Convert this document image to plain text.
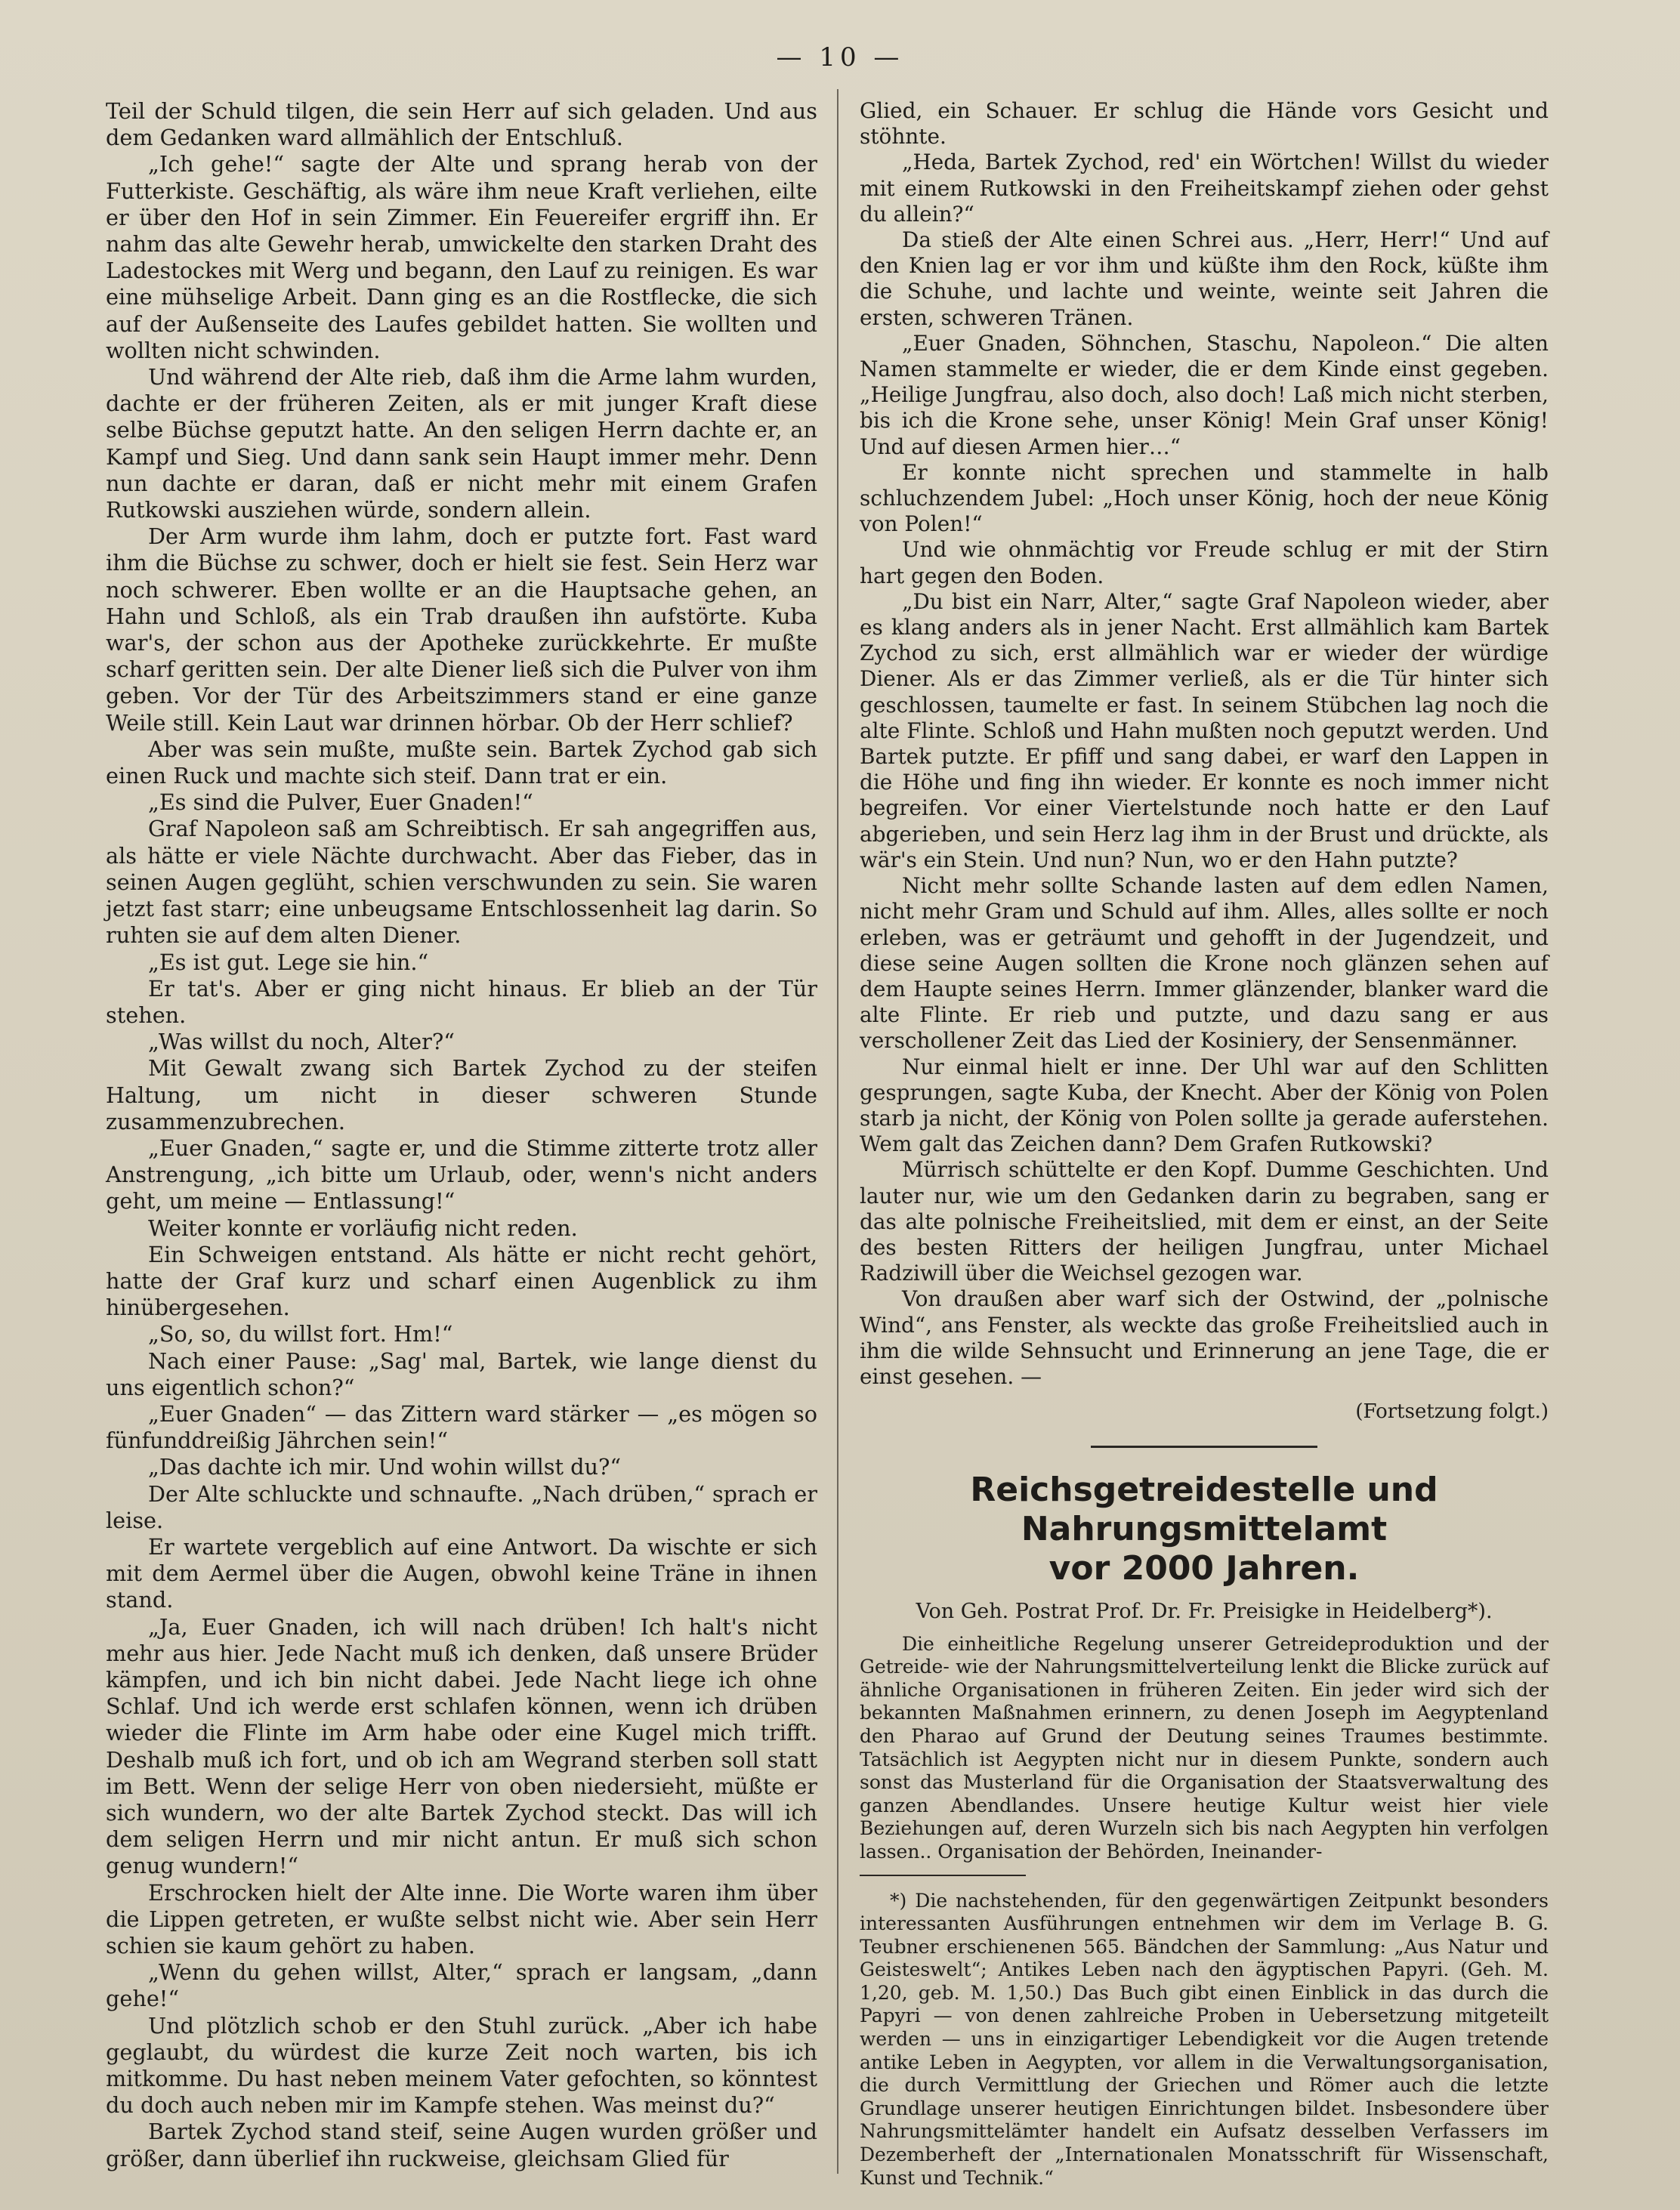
— 10 —

Teil der Schuld tilgen, die sein Herr auf sich geladen. Und aus dem Gedanken ward allmählich der Entschluß.

„Ich gehe!“ sagte der Alte und sprang herab von der Futterkiste. Geschäftig, als wäre ihm neue Kraft verliehen, eilte er über den Hof in sein Zimmer. Ein Feuereifer ergriff ihn. Er nahm das alte Gewehr herab, umwickelte den starken Draht des Ladestockes mit Werg und begann, den Lauf zu reinigen. Es war eine mühselige Arbeit. Dann ging es an die Rostflecke, die sich auf der Außenseite des Laufes gebildet hatten. Sie wollten und wollten nicht schwinden.

Und während der Alte rieb, daß ihm die Arme lahm wurden, dachte er der früheren Zeiten, als er mit junger Kraft diese selbe Büchse geputzt hatte. An den seligen Herrn dachte er, an Kampf und Sieg. Und dann sank sein Haupt immer mehr. Denn nun dachte er daran, daß er nicht mehr mit einem Grafen Rutkowski ausziehen würde, sondern allein.

Der Arm wurde ihm lahm, doch er putzte fort. Fast ward ihm die Büchse zu schwer, doch er hielt sie fest. Sein Herz war noch schwerer. Eben wollte er an die Hauptsache gehen, an Hahn und Schloß, als ein Trab draußen ihn aufstörte. Kuba war's, der schon aus der Apotheke zurückkehrte. Er mußte scharf geritten sein. Der alte Diener ließ sich die Pulver von ihm geben. Vor der Tür des Arbeitszimmers stand er eine ganze Weile still. Kein Laut war drinnen hörbar. Ob der Herr schlief?

Aber was sein mußte, mußte sein. Bartek Zychod gab sich einen Ruck und machte sich steif. Dann trat er ein.

„Es sind die Pulver, Euer Gnaden!“

Graf Napoleon saß am Schreibtisch. Er sah angegriffen aus, als hätte er viele Nächte durchwacht. Aber das Fieber, das in seinen Augen geglüht, schien verschwunden zu sein. Sie waren jetzt fast starr; eine unbeugsame Entschlossenheit lag darin. So ruhten sie auf dem alten Diener.

„Es ist gut. Lege sie hin.“

Er tat's. Aber er ging nicht hinaus. Er blieb an der Tür stehen.

„Was willst du noch, Alter?“

Mit Gewalt zwang sich Bartek Zychod zu der steifen Haltung, um nicht in dieser schweren Stunde zusammenzubrechen.

„Euer Gnaden,“ sagte er, und die Stimme zitterte trotz aller Anstrengung, „ich bitte um Urlaub, oder, wenn's nicht anders geht, um meine — Entlassung!“

Weiter konnte er vorläufig nicht reden.

Ein Schweigen entstand. Als hätte er nicht recht gehört, hatte der Graf kurz und scharf einen Augenblick zu ihm hinübergesehen.

„So, so, du willst fort. Hm!“

Nach einer Pause: „Sag' mal, Bartek, wie lange dienst du uns eigentlich schon?“

„Euer Gnaden“ — das Zittern ward stärker — „es mögen so fünfunddreißig Jährchen sein!“

„Das dachte ich mir. Und wohin willst du?“

Der Alte schluckte und schnaufte. „Nach drüben,“ sprach er leise.

Er wartete vergeblich auf eine Antwort. Da wischte er sich mit dem Aermel über die Augen, obwohl keine Träne in ihnen stand.

„Ja, Euer Gnaden, ich will nach drüben! Ich halt's nicht mehr aus hier. Jede Nacht muß ich denken, daß unsere Brüder kämpfen, und ich bin nicht dabei. Jede Nacht liege ich ohne Schlaf. Und ich werde erst schlafen können, wenn ich drüben wieder die Flinte im Arm habe oder eine Kugel mich trifft. Deshalb muß ich fort, und ob ich am Wegrand sterben soll statt im Bett. Wenn der selige Herr von oben niedersieht, müßte er sich wundern, wo der alte Bartek Zychod steckt. Das will ich dem seligen Herrn und mir nicht antun. Er muß sich schon genug wundern!“

Erschrocken hielt der Alte inne. Die Worte waren ihm über die Lippen getreten, er wußte selbst nicht wie. Aber sein Herr schien sie kaum gehört zu haben.

„Wenn du gehen willst, Alter,“ sprach er langsam, „dann gehe!“

Und plötzlich schob er den Stuhl zurück. „Aber ich habe geglaubt, du würdest die kurze Zeit noch warten, bis ich mitkomme. Du hast neben meinem Vater gefochten, so könntest du doch auch neben mir im Kampfe stehen. Was meinst du?“

Bartek Zychod stand steif, seine Augen wurden größer und größer, dann überlief ihn ruckweise, gleichsam Glied für

Glied, ein Schauer. Er schlug die Hände vors Gesicht und stöhnte.

„Heda, Bartek Zychod, red' ein Wörtchen! Willst du wieder mit einem Rutkowski in den Freiheitskampf ziehen oder gehst du allein?“

Da stieß der Alte einen Schrei aus. „Herr, Herr!“ Und auf den Knien lag er vor ihm und küßte ihm den Rock, küßte ihm die Schuhe, und lachte und weinte, weinte seit Jahren die ersten, schweren Tränen.

„Euer Gnaden, Söhnchen, Staschu, Napoleon.“ Die alten Namen stammelte er wieder, die er dem Kinde einst gegeben. „Heilige Jungfrau, also doch, also doch! Laß mich nicht sterben, bis ich die Krone sehe, unser König! Mein Graf unser König! Und auf diesen Armen hier…“

Er konnte nicht sprechen und stammelte in halb schluchzendem Jubel: „Hoch unser König, hoch der neue König von Polen!“

Und wie ohnmächtig vor Freude schlug er mit der Stirn hart gegen den Boden.

„Du bist ein Narr, Alter,“ sagte Graf Napoleon wieder, aber es klang anders als in jener Nacht. Erst allmählich kam Bartek Zychod zu sich, erst allmählich war er wieder der würdige Diener. Als er das Zimmer verließ, als er die Tür hinter sich geschlossen, taumelte er fast. In seinem Stübchen lag noch die alte Flinte. Schloß und Hahn mußten noch geputzt werden. Und Bartek putzte. Er pfiff und sang dabei, er warf den Lappen in die Höhe und fing ihn wieder. Er konnte es noch immer nicht begreifen. Vor einer Viertelstunde noch hatte er den Lauf abgerieben, und sein Herz lag ihm in der Brust und drückte, als wär's ein Stein. Und nun? Nun, wo er den Hahn putzte?

Nicht mehr sollte Schande lasten auf dem edlen Namen, nicht mehr Gram und Schuld auf ihm. Alles, alles sollte er noch erleben, was er geträumt und gehofft in der Jugendzeit, und diese seine Augen sollten die Krone noch glänzen sehen auf dem Haupte seines Herrn. Immer glänzender, blanker ward die alte Flinte. Er rieb und putzte, und dazu sang er aus verschollener Zeit das Lied der Kosiniery, der Sensenmänner.

Nur einmal hielt er inne. Der Uhl war auf den Schlitten gesprungen, sagte Kuba, der Knecht. Aber der König von Polen starb ja nicht, der König von Polen sollte ja gerade auferstehen. Wem galt das Zeichen dann? Dem Grafen Rutkowski?

Mürrisch schüttelte er den Kopf. Dumme Geschichten. Und lauter nur, wie um den Gedanken darin zu begraben, sang er das alte polnische Freiheitslied, mit dem er einst, an der Seite des besten Ritters der heiligen Jungfrau, unter Michael Radziwill über die Weichsel gezogen war.

Von draußen aber warf sich der Ostwind, der „polnische Wind“, ans Fenster, als weckte das große Freiheitslied auch in ihm die wilde Sehnsucht und Erinnerung an jene Tage, die er einst gesehen. —

(Fortsetzung folgt.)
Reichsgetreidestelle und Nahrungsmittelamt
vor 2000 Jahren.
Von Geh. Postrat Prof. Dr. Fr. Preisigke in Heidelberg*).

Die einheitliche Regelung unserer Getreideproduktion und der Getreide- wie der Nahrungsmittelverteilung lenkt die Blicke zurück auf ähnliche Organisationen in früheren Zeiten. Ein jeder wird sich der bekannten Maßnahmen erinnern, zu denen Joseph im Aegyptenland den Pharao auf Grund der Deutung seines Traumes bestimmte. Tatsächlich ist Aegypten nicht nur in diesem Punkte, sondern auch sonst das Musterland für die Organisation der Staatsverwaltung des ganzen Abendlandes. Unsere heutige Kultur weist hier viele Beziehungen auf, deren Wurzeln sich bis nach Aegypten hin verfolgen lassen.. Organisation der Behörden, Ineinander-

*) Die nachstehenden, für den gegenwärtigen Zeitpunkt besonders interessanten Ausführungen entnehmen wir dem im Verlage B. G. Teubner erschienenen 565. Bändchen der Sammlung: „Aus Natur und Geisteswelt“; Antikes Leben nach den ägyptischen Papyri. (Geh. M. 1,20, geb. M. 1,50.) Das Buch gibt einen Einblick in das durch die Papyri — von denen zahlreiche Proben in Uebersetzung mitgeteilt werden — uns in einzigartiger Lebendigkeit vor die Augen tretende antike Leben in Aegypten, vor allem in die Verwaltungsorganisation, die durch Vermittlung der Griechen und Römer auch die letzte Grundlage unserer heutigen Einrichtungen bildet. Insbesondere über Nahrungsmittelämter handelt ein Aufsatz desselben Verfassers im Dezemberheft der „Internationalen Monatsschrift für Wissenschaft, Kunst und Technik.“
